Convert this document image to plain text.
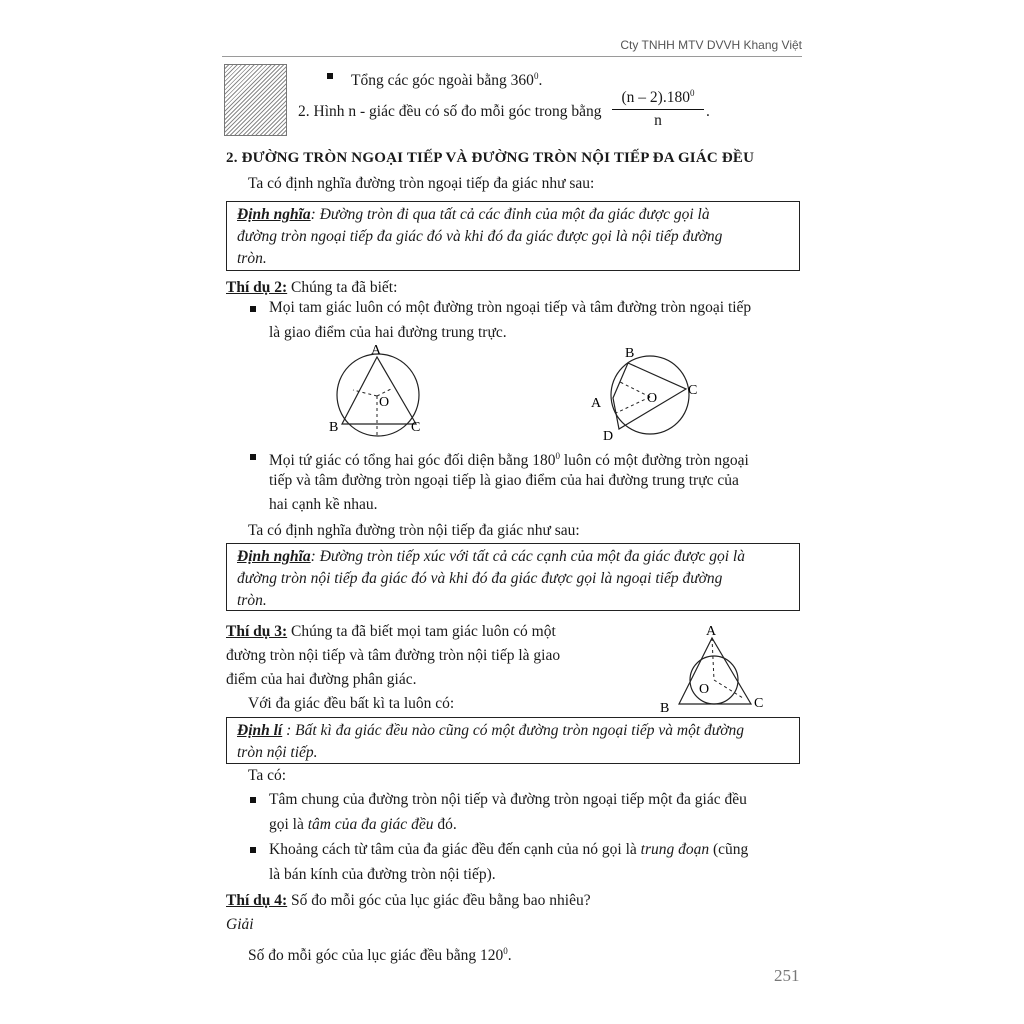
Cty TNHH MTV DVVH Khang Việt
Tổng các góc ngoài bằng $360^0$.
2. Hình n - giác đều có số đo mỗi góc trong bằng
(n – 2).180$^0$
n
.
2. ĐƯỜNG TRÒN NGOẠI TIẾP VÀ ĐƯỜNG TRÒN NỘI TIẾP ĐA GIÁC ĐỀU
Ta có định nghĩa đường tròn ngoại tiếp đa giác như sau:
Định nghĩa: Đường tròn đi qua tất cả các đỉnh của một đa giác được gọi là
đường tròn ngoại tiếp đa giác đó và khi đó đa giác được gọi là nội tiếp đường
tròn.
Thí dụ 2: Chúng ta đã biết:
Mọi tam giác luôn có một đường tròn ngoại tiếp và tâm đường tròn ngoại tiếp
là giao điểm của hai đường trung trực.
A
B	C
O
B
A
C
D
O
Mọi tứ giác có tổng hai góc đối diện bằng $180^0$ luôn có một đường tròn ngoại
tiếp và tâm đường tròn ngoại tiếp là giao điểm của hai đường trung trực của
hai cạnh kề nhau.
Ta có định nghĩa đường tròn nội tiếp đa giác như sau:
Định nghĩa: Đường tròn tiếp xúc với tất cả các cạnh của một đa giác được gọi là
đường tròn nội tiếp đa giác đó và khi đó đa giác được gọi là ngoại tiếp đường
tròn.
Thí dụ 3: Chúng ta đã biết mọi tam giác luôn có một
đường tròn nội tiếp và tâm đường tròn nội tiếp là giao
điểm của hai đường phân giác.
Với đa giác đều bất kì ta luôn có:
A
B	C
O
Định lí : Bất kì đa giác đều nào cũng có một đường tròn ngoại tiếp và một đường
tròn nội tiếp.
Ta có:
Tâm chung của đường tròn nội tiếp và đường tròn ngoại tiếp một đa giác đều
gọi là tâm của đa giác đều đó.
Khoảng cách từ tâm của đa giác đều đến cạnh của nó gọi là trung đoạn (cũng
là bán kính của đường tròn nội tiếp).
Thí dụ 4: Số đo mỗi góc của lục giác đều bằng bao nhiêu?
Giải
Số đo mỗi góc của lục giác đều bằng $120^0$.
251
